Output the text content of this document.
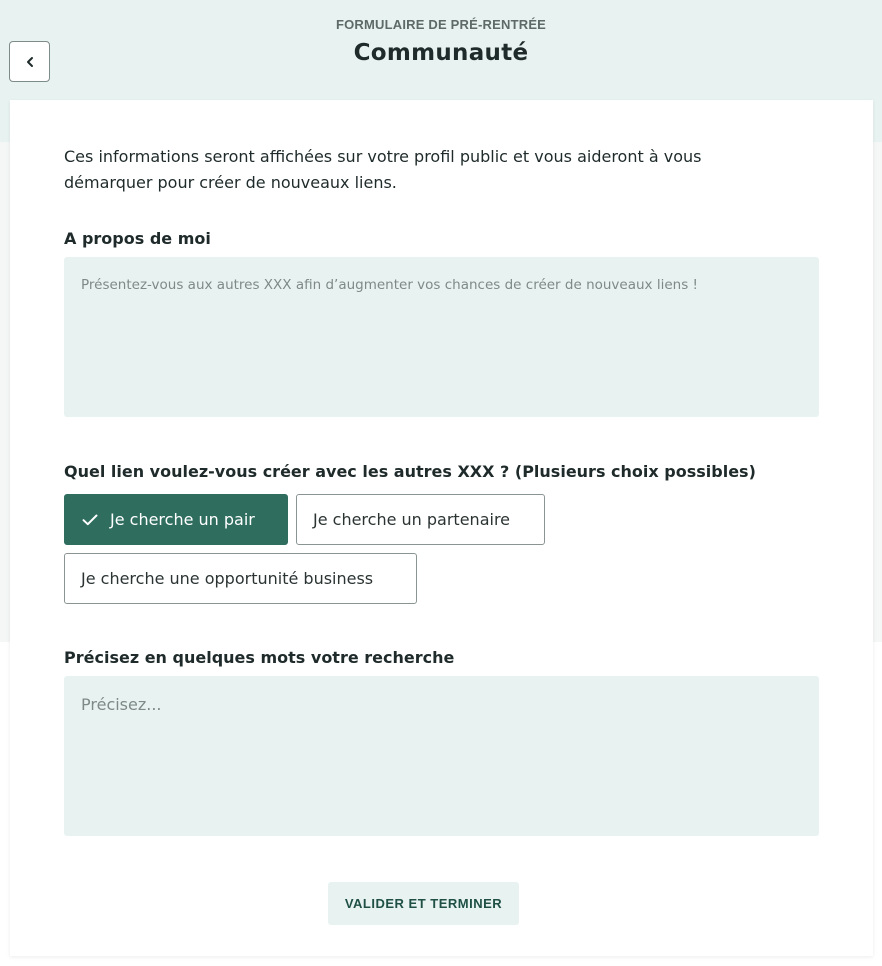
FORMULAIRE DE PRÉ-RENTRÉE
Communauté

Ces informations seront affichées sur votre profil public et vous aideront à vous démarquer pour créer de nouveaux liens.

A propos de moi
Présentez-vous aux autres XXX afin d’augmenter vos chances de créer de nouveaux liens !
Quel lien voulez-vous créer avec les autres XXX ? (Plusieurs choix possibles)
Je cherche un pair	Je cherche un partenaire
Je cherche une opportunité business
Précisez en quelques mots votre recherche
Précisez...
VALIDER ET TERMINER
